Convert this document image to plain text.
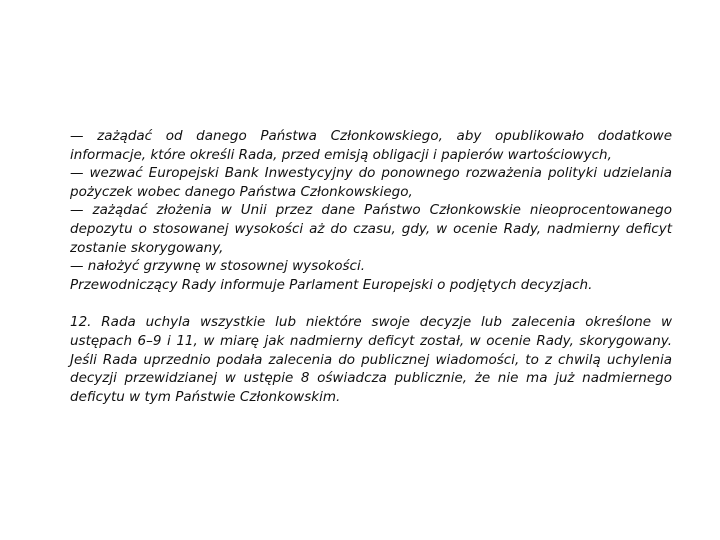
— zażądać od danego Państwa Członkowskiego, aby opublikowało dodatkowe informacje, które określi Rada, przed emisją obligacji i papierów wartościowych,

— wezwać Europejski Bank Inwestycyjny do ponownego rozważenia polityki udzielania pożyczek wobec danego Państwa Członkowskiego,

— zażądać złożenia w Unii przez dane Państwo Członkowskie nieoprocentowanego depozytu o stosowanej wysokości aż do czasu, gdy, w ocenie Rady, nadmierny deficyt zostanie skorygowany,

— nałożyć grzywnę w stosownej wysokości.

Przewodniczący Rady informuje Parlament Europejski o podjętych decyzjach.

12. Rada uchyla wszystkie lub niektóre swoje decyzje lub zalecenia określone w ustępach 6–9 i 11, w miarę jak nadmierny deficyt został, w ocenie Rady, skorygowany. Jeśli Rada uprzednio podała zalecenia do publicznej wiadomości, to z chwilą uchylenia decyzji przewidzianej w ustępie 8 oświadcza publicznie, że nie ma już nadmiernego deficytu w tym Państwie Członkowskim.
